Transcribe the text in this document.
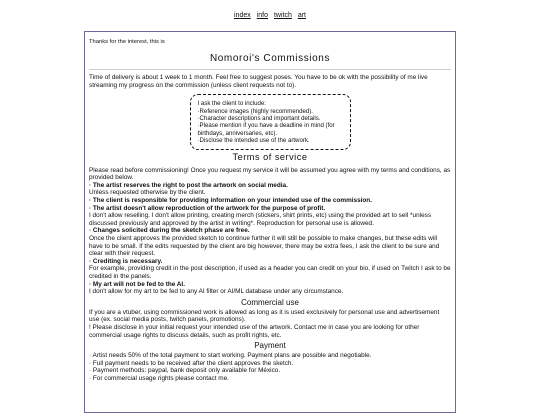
index info twitch art

Thanks for the interest, this is

Nomoroi's Commissions

Time of delivery is about 1 week to 1 month. Feel free to suggest poses. You have to be ok with the possibility of me live streaming my progress on the commission (unless client requests not to).

I ask the client to include:
·Reference images (highly recommended).
·Character descriptions and important details.
·Please mention if you have a deadline in mind (for birthdays, anniversaries, etc).
·Disclose the intended use of the artwork.
Terms of service

Please read before commissioning! Once you request my service it will be assumed you agree with my terms and conditions, as provided below.

· The artist reserves the right to post the artwork on social media.

Unless requested otherwise by the client.

· The client is responsible for providing information on your intended use of the commission.

· The artist doesn't allow reproduction of the artwork for the purpose of profit.

I don't allow reselling. I don't allow printing, creating merch (stickers, shirt prints, etc) using the provided art to sell *unless discussed previously and approved by the artist in writing*. Reproduction for personal use is allowed.

· Changes solicited during the sketch phase are free.

Once the client approves the provided sketch to continue further it will still be possible to make changes, but these edits will have to be small. If the edits requested by the client are big however, there may be extra fees, I ask the client to be sure and clear with their request.

· Crediting is necessary.

For example, providing credit in the post description, if used as a header you can credit on your bio, if used on Twitch I ask to be credited in the panels.

· My art will not be fed to the AI.

I don't allow for my art to be fed to any AI filter or AI/ML database under any circumstance.

Commercial use

If you are a vtuber, using commissioned work is allowed as long as it is used exclusively for personal use and advertisement use (ex. social media posts, twitch panels, promotions).

! Please disclose in your initial request your intended use of the artwork. Contact me in case you are looking for other commercial usage rights to discuss details, such as profit rights, etc.

Payment

· Artist needs 50% of the total payment to start working. Payment plans are possible and negotiable.

· Full payment needs to be received after the client approves the sketch.

· Payment methods: paypal, bank deposit only available for México.

· For commercial usage rights please contact me.
